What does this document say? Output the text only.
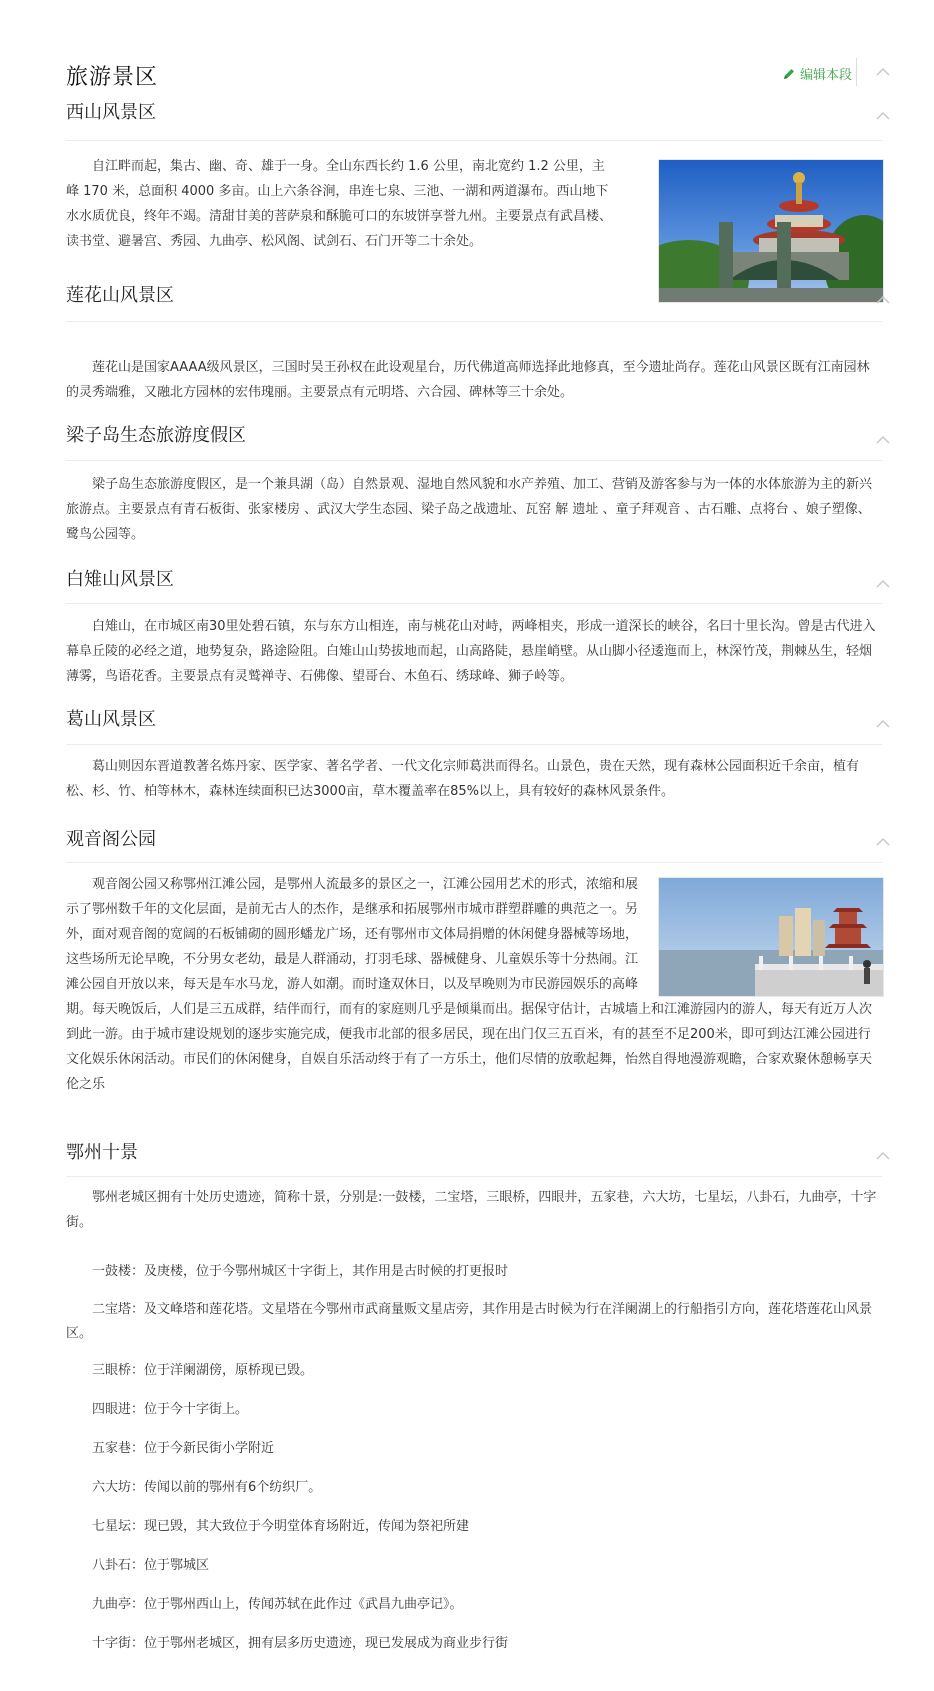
旅游景区	编辑本段
西山风景区

自江畔而起，集古、幽、奇、雄于一身。全山东西长约 1.6 公里，南北宽约 1.2 公里，主峰 170 米，总面积 4000 多亩。山上六条谷涧，串连七泉、三池、一湖和两道瀑布。西山地下水水质优良，终年不竭。清甜甘美的菩萨泉和酥脆可口的东坡饼享誉九州。主要景点有武昌楼、读书堂、避暑宫、秀园、九曲亭、松风阁、试剑石、石门开等二十余处。

莲花山风景区

莲花山是国家AAAA级风景区，三国时吴王孙权在此设观星台，历代佛道高师选择此地修真，至今遗址尚存。莲花山风景区既有江南园林的灵秀端雅，又融北方园林的宏伟瑰丽。主要景点有元明塔、六合园、碑林等三十余处。

梁子岛生态旅游度假区

梁子岛生态旅游度假区，是一个兼具湖（岛）自然景观、湿地自然风貌和水产养殖、加工、营销及游客参与为一体的水体旅游为主的新兴旅游点。主要景点有青石板街、张家楼房 、武汉大学生态园、梁子岛之战遗址、瓦窑 解 遗址 、童子拜观音 、古石雕、点将台 、娘子塑像、鹭鸟公园等。

白雉山风景区

白雉山，在市城区南30里处碧石镇，东与东方山相连，南与桃花山对峙，两峰相夹，形成一道深长的峡谷，名曰十里长沟。曾是古代进入幕阜丘陵的必经之道，地势复杂，路途险阻。白雉山山势拔地而起，山高路陡，悬崖峭壁。从山脚小径逶迤而上，林深竹茂，荆棘丛生，轻烟薄雾，鸟语花香。主要景点有灵鹫禅寺、石佛像、望哥台、木鱼石、绣球峰、狮子岭等。

葛山风景区

葛山则因东晋道教著名炼丹家、医学家、著名学者、一代文化宗师葛洪而得名。山景色，贵在天然，现有森林公园面积近千余亩，植有松、杉、竹、柏等林木，森林连续面积已达3000亩，草木覆盖率在85%以上，具有较好的森林风景条件。

观音阁公园

观音阁公园又称鄂州江滩公园，是鄂州人流最多的景区之一，江滩公园用艺术的形式，浓缩和展示了鄂州数千年的文化层面，是前无古人的杰作，是继承和拓展鄂州市城市群塑群雕的典范之一。另外，面对观音阁的宽阔的石板铺砌的圆形蟠龙广场，还有鄂州市文体局捐赠的休闲健身器械等场地，这些场所无论早晚，不分男女老幼，最是人群涌动，打羽毛球、器械健身、儿童娱乐等十分热闹。江滩公园自开放以来，每天是车水马龙，游人如潮。而时逢双休日，以及早晚则为市民游园娱乐的高峰期。每天晚饭后，人们是三五成群，结伴而行，而有的家庭则几乎是倾巢而出。据保守估计，古城墙上和江滩游园内的游人，每天有近万人次到此一游。由于城市建设规划的逐步实施完成，便我市北部的很多居民，现在出门仅三五百米，有的甚至不足200米，即可到达江滩公园进行文化娱乐休闲活动。市民们的休闲健身，自娱自乐活动终于有了一方乐土，他们尽情的放歌起舞，怡然自得地漫游观瞻，合家欢聚休憩畅享天伦之乐

鄂州十景

鄂州老城区拥有十处历史遗迹，简称十景，分别是:一鼓楼，二宝塔，三眼桥，四眼井，五家巷，六大坊，七星坛，八卦石，九曲亭，十字街。

一鼓楼：及庚楼，位于今鄂州城区十字街上，其作用是古时候的打更报时

二宝塔：及文峰塔和莲花塔。文星塔在今鄂州市武商量贩文星店旁，其作用是古时候为行在洋阑湖上的行船指引方向，莲花塔莲花山风景区。

三眼桥：位于洋阑湖傍，原桥现已毁。

四眼进：位于今十字街上。

五家巷：位于今新民街小学附近

六大坊：传闻以前的鄂州有6个纺织厂。

七星坛：现已毁，其大致位于今明堂体育场附近，传闻为祭祀所建

八卦石：位于鄂城区

九曲亭：位于鄂州西山上，传闻苏轼在此作过《武昌九曲亭记》。

十字街：位于鄂州老城区，拥有层多历史遗迹，现已发展成为商业步行街
